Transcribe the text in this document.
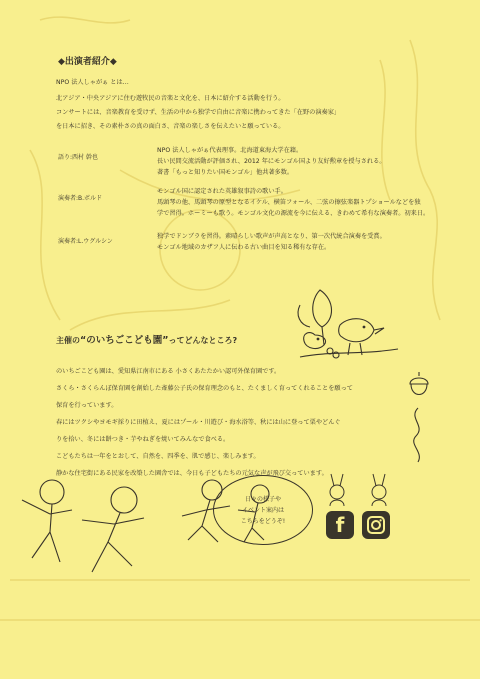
◆出演者紹介◆
NPO 法人しゃがぁ とは…
北アジア・中央アジアに住む遊牧民の音楽と文化を、日本に紹介する活動を行う。
コンサートには、音楽教育を受けず、生活の中から独学で自由に音楽に携わってきた「在野の演奏家」
を日本に招き、その素朴さの真の面白さ、音楽の楽しさを伝えたいと願っている。
語り:西村 幹也
NPO 法人しゃがぁ代表理事。北海道東海大学在籍。
長い民間交流活動が評価され、2012 年にモンゴル国より友好勲章を授与される。
著書「もっと知りたい国モンゴル」他共著多数。
演奏者:B.ボルド
モンゴル国に認定された英雄叙事詩の歌い手。
馬頭琴の他、馬頭琴の原型となるイケル、横笛フォール、二弦の擦弦楽器トプショールなどを独
学で習得。ホーミーも歌う。モンゴル文化の源流を今に伝える、きわめて希有な演奏者。初来日。
演奏者:L.ウグルシン
独学でドンブラを習得。素晴らしい歌声が声高となり、第一次代統合演奏を受賞。
モンゴル地域のカザフ人に伝わる古い曲目を知る稀有な存在。
主催の“のいちごこども園”ってどんなところ?
のいちごこども園は、愛知県江南市にある 小さくあたたかい認可外保育園です。
さくら・さくらんぼ保育園を創始した斎藤公子氏の保育理念のもと、たくましく育ってくれることを願って
保育を行っています。
春にはツクシやヨモギ採りに田植え、夏にはプール・川遊び・海水浴等、秋には山に登って栗やどんぐ
りを拾い、冬には餅つき・芋やねぎを焼いてみんなで食べる。
こどもたちは一年をとおして、自然を、四季を、肌で感じ、楽しみます。
静かな住宅街にある民家を改築した園舎では、今日も子どもたちの元気な声が飛び交っています。
日々の様子や
イベント案内は
こちらをどうぞ!	f
